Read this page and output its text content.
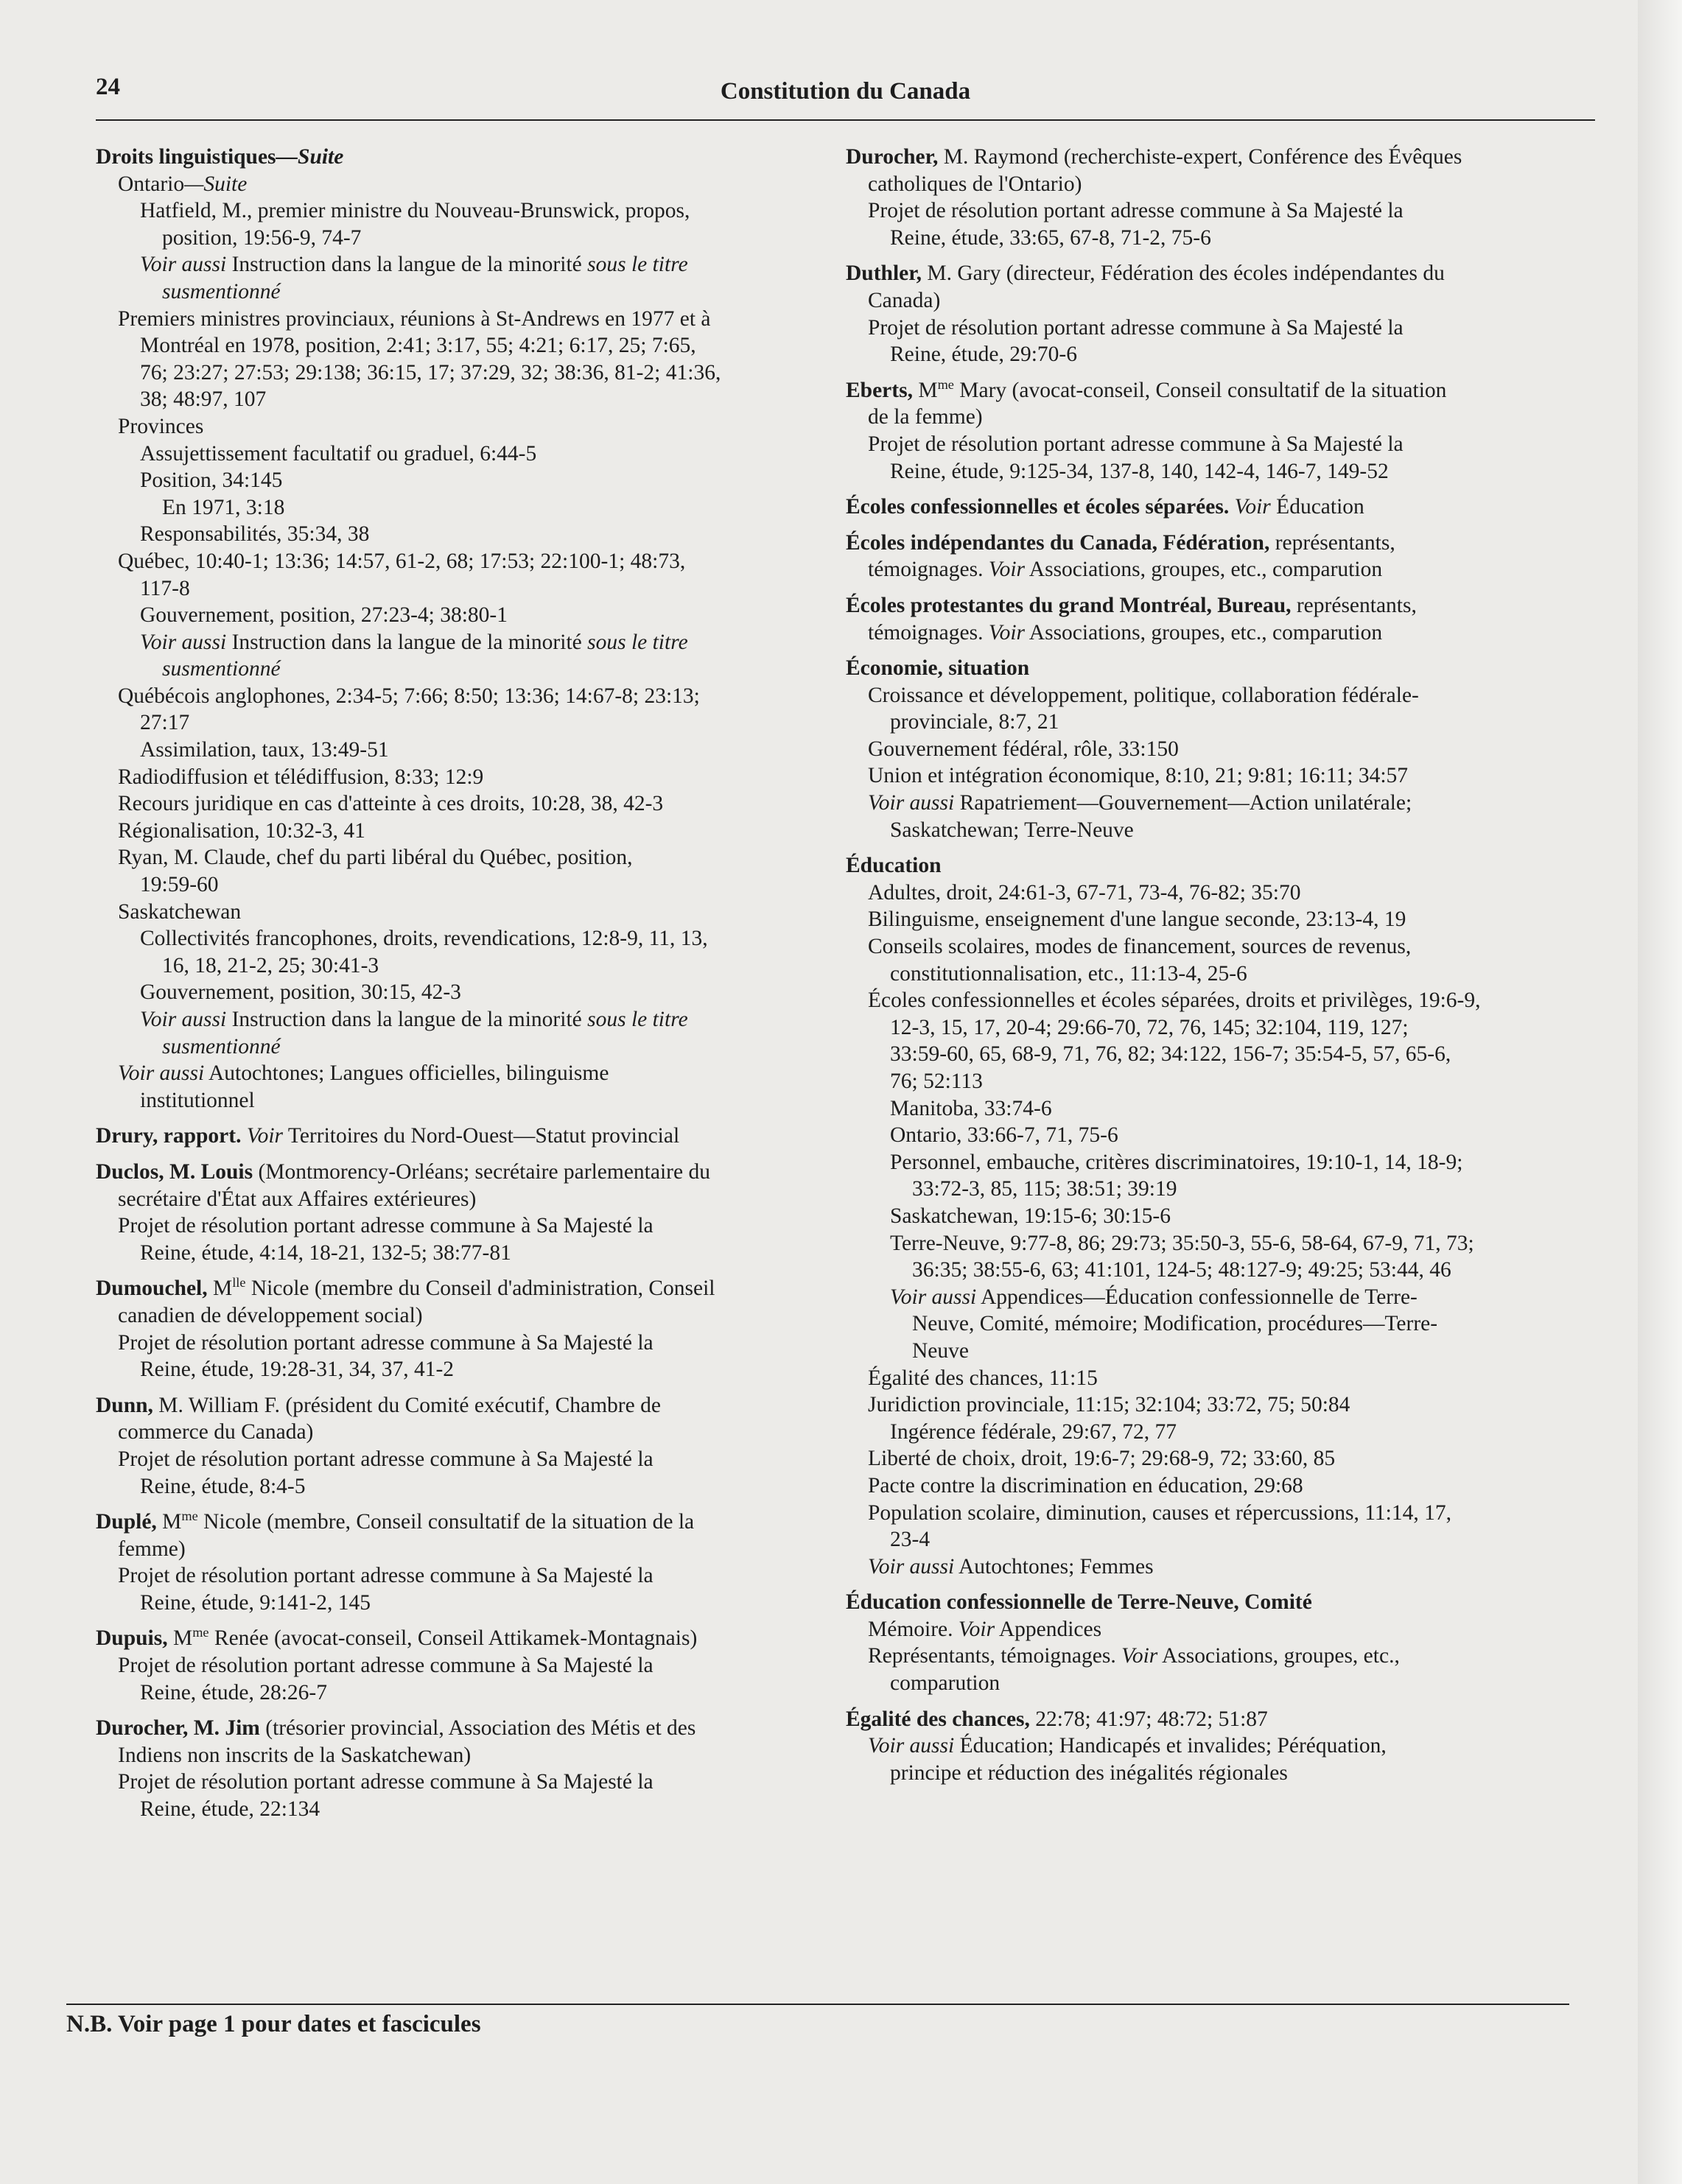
24	Constitution du Canada
Droits linguistiques—Suite
Ontario—Suite
Hatfield, M., premier ministre du Nouveau-Brunswick, propos,
position, 19:56-9, 74-7
Voir aussi Instruction dans la langue de la minorité sous le titre
susmentionné
Premiers ministres provinciaux, réunions à St-Andrews en 1977 et à
Montréal en 1978, position, 2:41; 3:17, 55; 4:21; 6:17, 25; 7:65,
76; 23:27; 27:53; 29:138; 36:15, 17; 37:29, 32; 38:36, 81-2; 41:36,
38; 48:97, 107
Provinces
Assujettissement facultatif ou graduel, 6:44-5
Position, 34:145
En 1971, 3:18
Responsabilités, 35:34, 38
Québec, 10:40-1; 13:36; 14:57, 61-2, 68; 17:53; 22:100-1; 48:73,
117-8
Gouvernement, position, 27:23-4; 38:80-1
Voir aussi Instruction dans la langue de la minorité sous le titre
susmentionné
Québécois anglophones, 2:34-5; 7:66; 8:50; 13:36; 14:67-8; 23:13;
27:17
Assimilation, taux, 13:49-51
Radiodiffusion et télédiffusion, 8:33; 12:9
Recours juridique en cas d'atteinte à ces droits, 10:28, 38, 42-3
Régionalisation, 10:32-3, 41
Ryan, M. Claude, chef du parti libéral du Québec, position,
19:59-60
Saskatchewan
Collectivités francophones, droits, revendications, 12:8-9, 11, 13,
16, 18, 21-2, 25; 30:41-3
Gouvernement, position, 30:15, 42-3
Voir aussi Instruction dans la langue de la minorité sous le titre
susmentionné
Voir aussi Autochtones; Langues officielles, bilinguisme
institutionnel
Drury, rapport. Voir Territoires du Nord-Ouest—Statut provincial
Duclos, M. Louis (Montmorency-Orléans; secrétaire parlementaire du
secrétaire d'État aux Affaires extérieures)
Projet de résolution portant adresse commune à Sa Majesté la
Reine, étude, 4:14, 18-21, 132-5; 38:77-81
Dumouchel, $M^{lle}$ Nicole (membre du Conseil d'administration, Conseil
canadien de développement social)
Projet de résolution portant adresse commune à Sa Majesté la
Reine, étude, 19:28-31, 34, 37, 41-2
Dunn, M. William F. (président du Comité exécutif, Chambre de
commerce du Canada)
Projet de résolution portant adresse commune à Sa Majesté la
Reine, étude, 8:4-5
Duplé, $M^{me}$ Nicole (membre, Conseil consultatif de la situation de la
femme)
Projet de résolution portant adresse commune à Sa Majesté la
Reine, étude, 9:141-2, 145
Dupuis, $M^{me}$ Renée (avocat-conseil, Conseil Attikamek-Montagnais)
Projet de résolution portant adresse commune à Sa Majesté la
Reine, étude, 28:26-7
Durocher, M. Jim (trésorier provincial, Association des Métis et des
Indiens non inscrits de la Saskatchewan)
Projet de résolution portant adresse commune à Sa Majesté la
Reine, étude, 22:134
Durocher, M. Raymond (recherchiste-expert, Conférence des Évêques
catholiques de l'Ontario)
Projet de résolution portant adresse commune à Sa Majesté la
Reine, étude, 33:65, 67-8, 71-2, 75-6
Duthler, M. Gary (directeur, Fédération des écoles indépendantes du
Canada)
Projet de résolution portant adresse commune à Sa Majesté la
Reine, étude, 29:70-6
Eberts, $M^{me}$ Mary (avocat-conseil, Conseil consultatif de la situation
de la femme)
Projet de résolution portant adresse commune à Sa Majesté la
Reine, étude, 9:125-34, 137-8, 140, 142-4, 146-7, 149-52
Écoles confessionnelles et écoles séparées. Voir Éducation
Écoles indépendantes du Canada, Fédération, représentants,
témoignages. Voir Associations, groupes, etc., comparution
Écoles protestantes du grand Montréal, Bureau, représentants,
témoignages. Voir Associations, groupes, etc., comparution
Économie, situation
Croissance et développement, politique, collaboration fédérale-
provinciale, 8:7, 21
Gouvernement fédéral, rôle, 33:150
Union et intégration économique, 8:10, 21; 9:81; 16:11; 34:57
Voir aussi Rapatriement—Gouvernement—Action unilatérale;
Saskatchewan; Terre-Neuve
Éducation
Adultes, droit, 24:61-3, 67-71, 73-4, 76-82; 35:70
Bilinguisme, enseignement d'une langue seconde, 23:13-4, 19
Conseils scolaires, modes de financement, sources de revenus,
constitutionnalisation, etc., 11:13-4, 25-6
Écoles confessionnelles et écoles séparées, droits et privilèges, 19:6-9,
12-3, 15, 17, 20-4; 29:66-70, 72, 76, 145; 32:104, 119, 127;
33:59-60, 65, 68-9, 71, 76, 82; 34:122, 156-7; 35:54-5, 57, 65-6,
76; 52:113
Manitoba, 33:74-6
Ontario, 33:66-7, 71, 75-6
Personnel, embauche, critères discriminatoires, 19:10-1, 14, 18-9;
33:72-3, 85, 115; 38:51; 39:19
Saskatchewan, 19:15-6; 30:15-6
Terre-Neuve, 9:77-8, 86; 29:73; 35:50-3, 55-6, 58-64, 67-9, 71, 73;
36:35; 38:55-6, 63; 41:101, 124-5; 48:127-9; 49:25; 53:44, 46
Voir aussi Appendices—Éducation confessionnelle de Terre-
Neuve, Comité, mémoire; Modification, procédures—Terre-
Neuve
Égalité des chances, 11:15
Juridiction provinciale, 11:15; 32:104; 33:72, 75; 50:84
Ingérence fédérale, 29:67, 72, 77
Liberté de choix, droit, 19:6-7; 29:68-9, 72; 33:60, 85
Pacte contre la discrimination en éducation, 29:68
Population scolaire, diminution, causes et répercussions, 11:14, 17,
23-4
Voir aussi Autochtones; Femmes
Éducation confessionnelle de Terre-Neuve, Comité
Mémoire. Voir Appendices
Représentants, témoignages. Voir Associations, groupes, etc.,
comparution
Égalité des chances, 22:78; 41:97; 48:72; 51:87
Voir aussi Éducation; Handicapés et invalides; Péréquation,
principe et réduction des inégalités régionales
N.B. Voir page 1 pour dates et fascicules
